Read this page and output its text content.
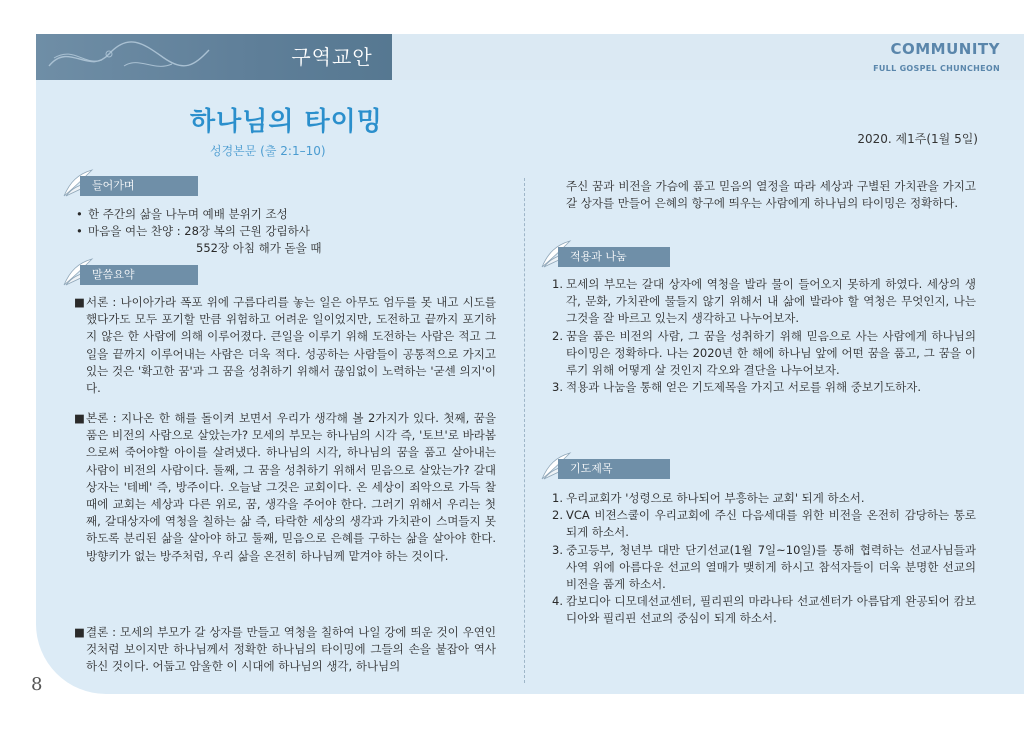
구역교안	COMMUNITY
FULL GOSPEL CHUNCHEON
하나님의 타이밍
성경본문 (출 2:1–10)
2020. 제1주(1월 5일)
들어가며

• 한 주간의 삶을 나누며 예배 분위기 조성

• 마음을 여는 찬양 : 28장 복의 근원 강림하사

552장 아침 해가 돋을 때

말씀요약

■ 서론 : 나이아가라 폭포 위에 구름다리를 놓는 일은 아무도 엄두를 못 내고 시도를 했다가도 모두 포기할 만큼 위험하고 어려운 일이었지만, 도전하고 끝까지 포기하지 않은 한 사람에 의해 이루어졌다. 큰일을 이루기 위해 도전하는 사람은 적고 그 일을 끝까지 이루어내는 사람은 더욱 적다. 성공하는 사람들이 공통적으로 가지고 있는 것은 '확고한 꿈'과 그 꿈을 성취하기 위해서 끊임없이 노력하는 '굳센 의지'이다.

■ 본론 : 지나온 한 해를 돌이켜 보면서 우리가 생각해 볼 2가지가 있다. 첫째, 꿈을 품은 비전의 사람으로 살았는가? 모세의 부모는 하나님의 시각 즉, '토브'로 바라봄으로써 죽어야할 아이를 살려냈다. 하나님의 시각, 하나님의 꿈을 품고 살아내는 사람이 비전의 사람이다. 둘째, 그 꿈을 성취하기 위해서 믿음으로 살았는가? 갈대상자는 '테베' 즉, 방주이다. 오늘날 그것은 교회이다. 온 세상이 죄악으로 가득 찰 때에 교회는 세상과 다른 위로, 꿈, 생각을 주어야 한다. 그러기 위해서 우리는 첫째, 갈대상자에 역청을 칠하는 삶 즉, 타락한 세상의 생각과 가치관이 스며들지 못하도록 분리된 삶을 살아야 하고 둘째, 믿음으로 은혜를 구하는 삶을 살아야 한다. 방향키가 없는 방주처럼, 우리 삶을 온전히 하나님께 맡겨야 하는 것이다.

■ 결론 : 모세의 부모가 갈 상자를 만들고 역청을 칠하여 나일 강에 띄운 것이 우연인 것처럼 보이지만 하나님께서 정확한 하나님의 타이밍에 그들의 손을 붙잡아 역사하신 것이다. 어둡고 암울한 이 시대에 하나님의 생각, 하나님의

주신 꿈과 비전을 가슴에 품고 믿음의 열정을 따라 세상과 구별된 가치관을 가지고 갈 상자를 만들어 은혜의 항구에 띄우는 사람에게 하나님의 타이밍은 정확하다.

적용과 나눔

1. 모세의 부모는 갈대 상자에 역청을 발라 물이 들어오지 못하게 하였다. 세상의 생각, 문화, 가치관에 물들지 않기 위해서 내 삶에 발라야 할 역청은 무엇인지, 나는 그것을 잘 바르고 있는지 생각하고 나누어보자.

2. 꿈을 품은 비전의 사람, 그 꿈을 성취하기 위해 믿음으로 사는 사람에게 하나님의 타이밍은 정확하다. 나는 2020년 한 해에 하나님 앞에 어떤 꿈을 품고, 그 꿈을 이루기 위해 어떻게 살 것인지 각오와 결단을 나누어보자.

3. 적용과 나눔을 통해 얻은 기도제목을 가지고 서로를 위해 중보기도하자.

기도제목

1. 우리교회가 '성령으로 하나되어 부흥하는 교회' 되게 하소서.

2. VCA 비젼스쿨이 우리교회에 주신 다음세대를 위한 비전을 온전히 감당하는 통로 되게 하소서.

3. 중고등부, 청년부 대만 단기선교(1월 7일~10일)를 통해 협력하는 선교사님들과 사역 위에 아름다운 선교의 열매가 맺히게 하시고 참석자들이 더욱 분명한 선교의 비전을 품게 하소서.

4. 캄보디아 디모데선교센터, 필리핀의 마라나타 선교센터가 아름답게 완공되어 캄보디아와 필리핀 선교의 중심이 되게 하소서.

8
